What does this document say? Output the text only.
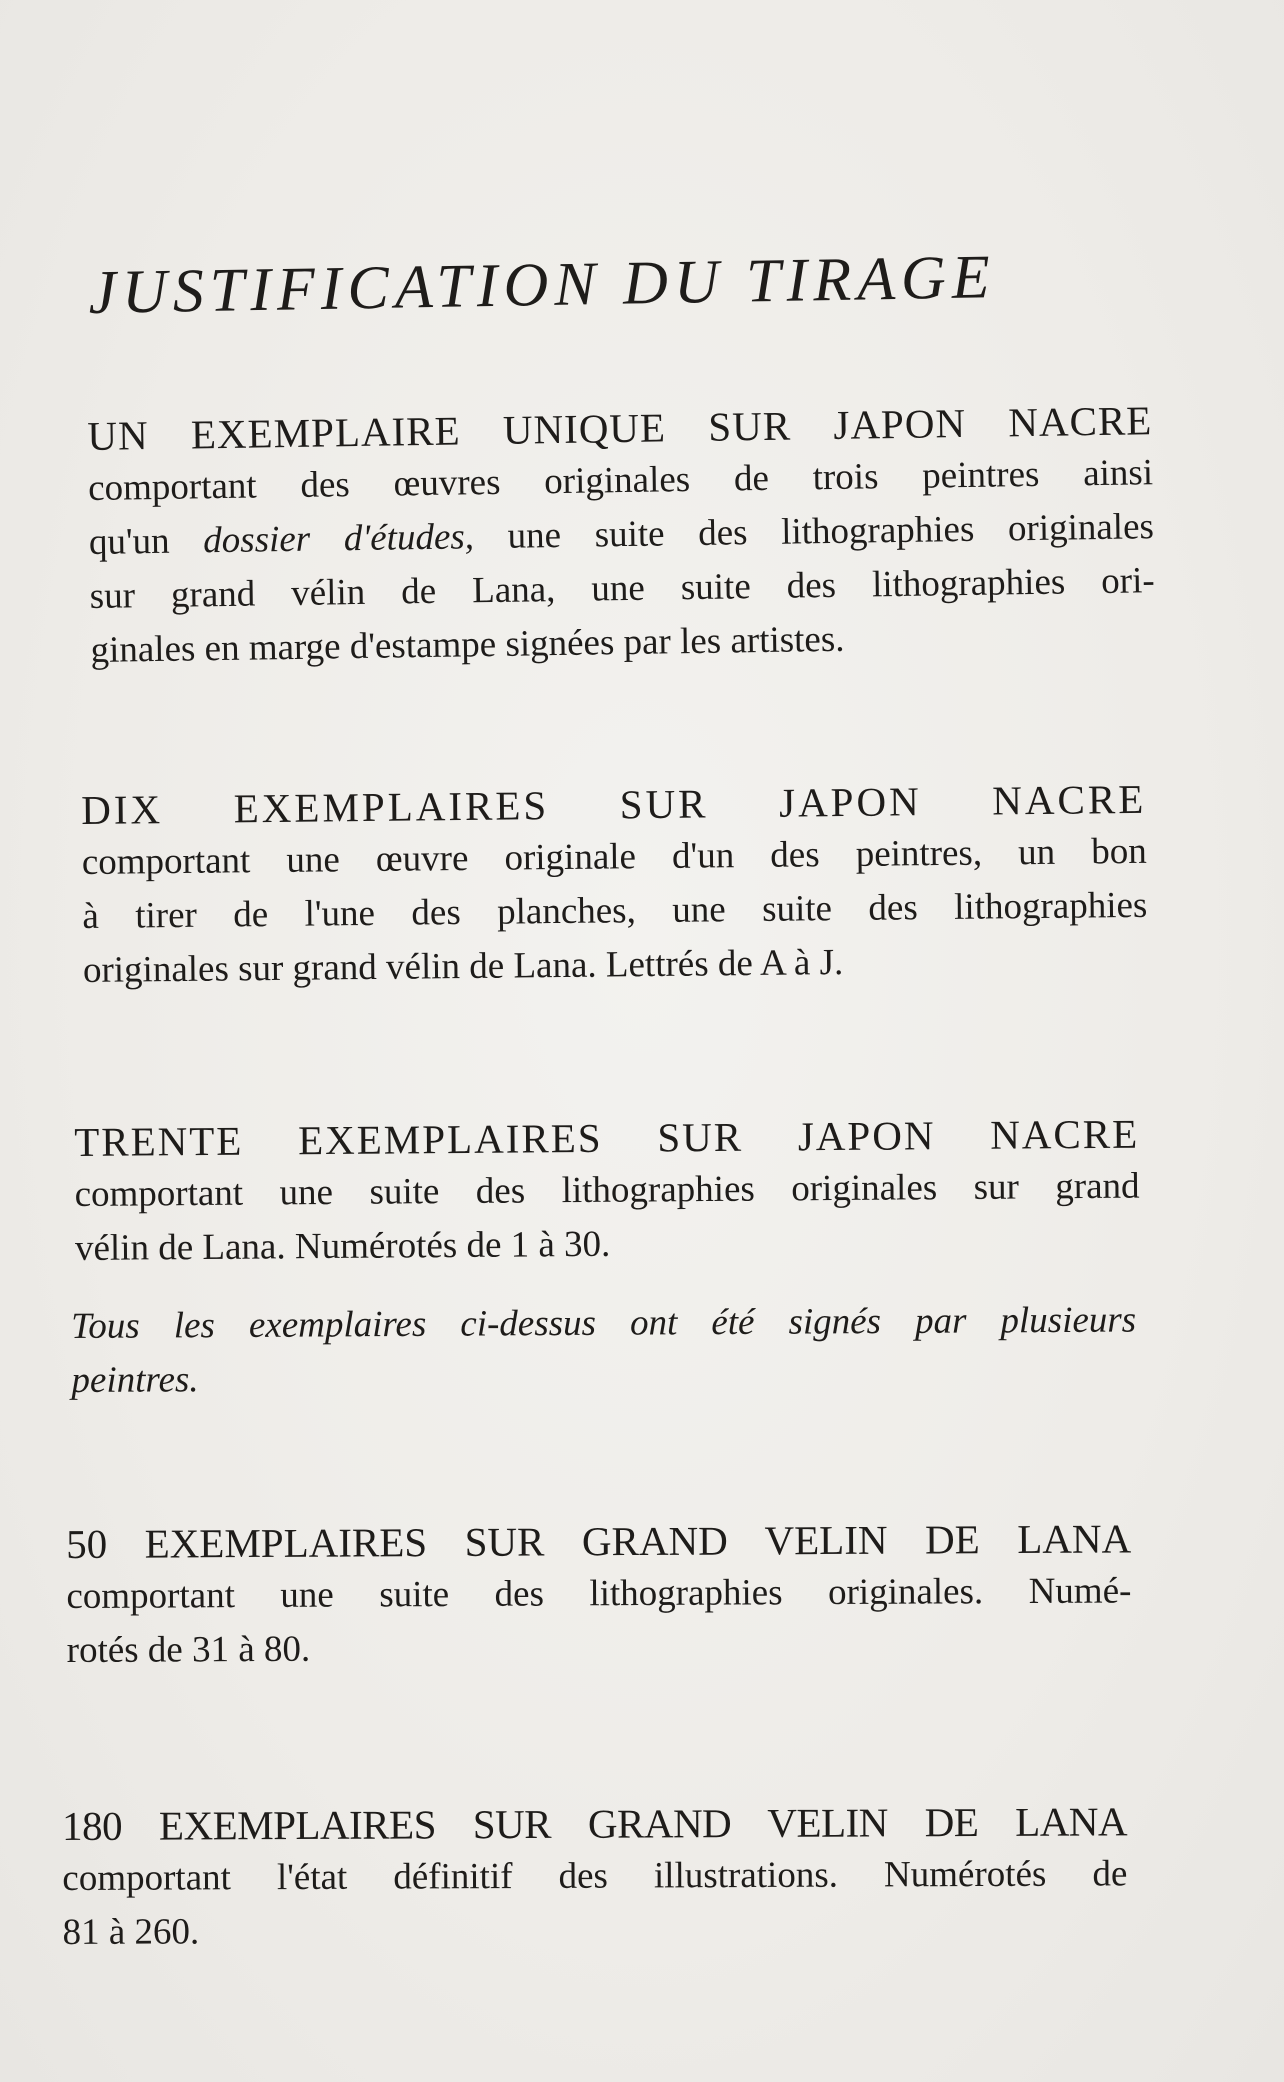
JUSTIFICATION DU TIRAGE
UN EXEMPLAIRE UNIQUE SUR JAPON NACRE
comportant des œuvres originales de trois peintres ainsi
qu'un dossier d'études, une suite des lithographies originales
sur grand vélin de Lana, une suite des lithographies ori-
ginales en marge d'estampe signées par les artistes.
DIX EXEMPLAIRES SUR JAPON NACRE
comportant une œuvre originale d'un des peintres, un bon
à tirer de l'une des planches, une suite des lithographies
originales sur grand vélin de Lana. Lettrés de A à J.
TRENTE EXEMPLAIRES SUR JAPON NACRE
comportant une suite des lithographies originales sur grand
vélin de Lana. Numérotés de 1 à 30.
Tous les exemplaires ci-dessus ont été signés par plusieurs
peintres.
50 EXEMPLAIRES SUR GRAND VELIN DE LANA
comportant une suite des lithographies originales. Numé-
rotés de 31 à 80.
180 EXEMPLAIRES SUR GRAND VELIN DE LANA
comportant l'état définitif des illustrations. Numérotés de
81 à 260.
